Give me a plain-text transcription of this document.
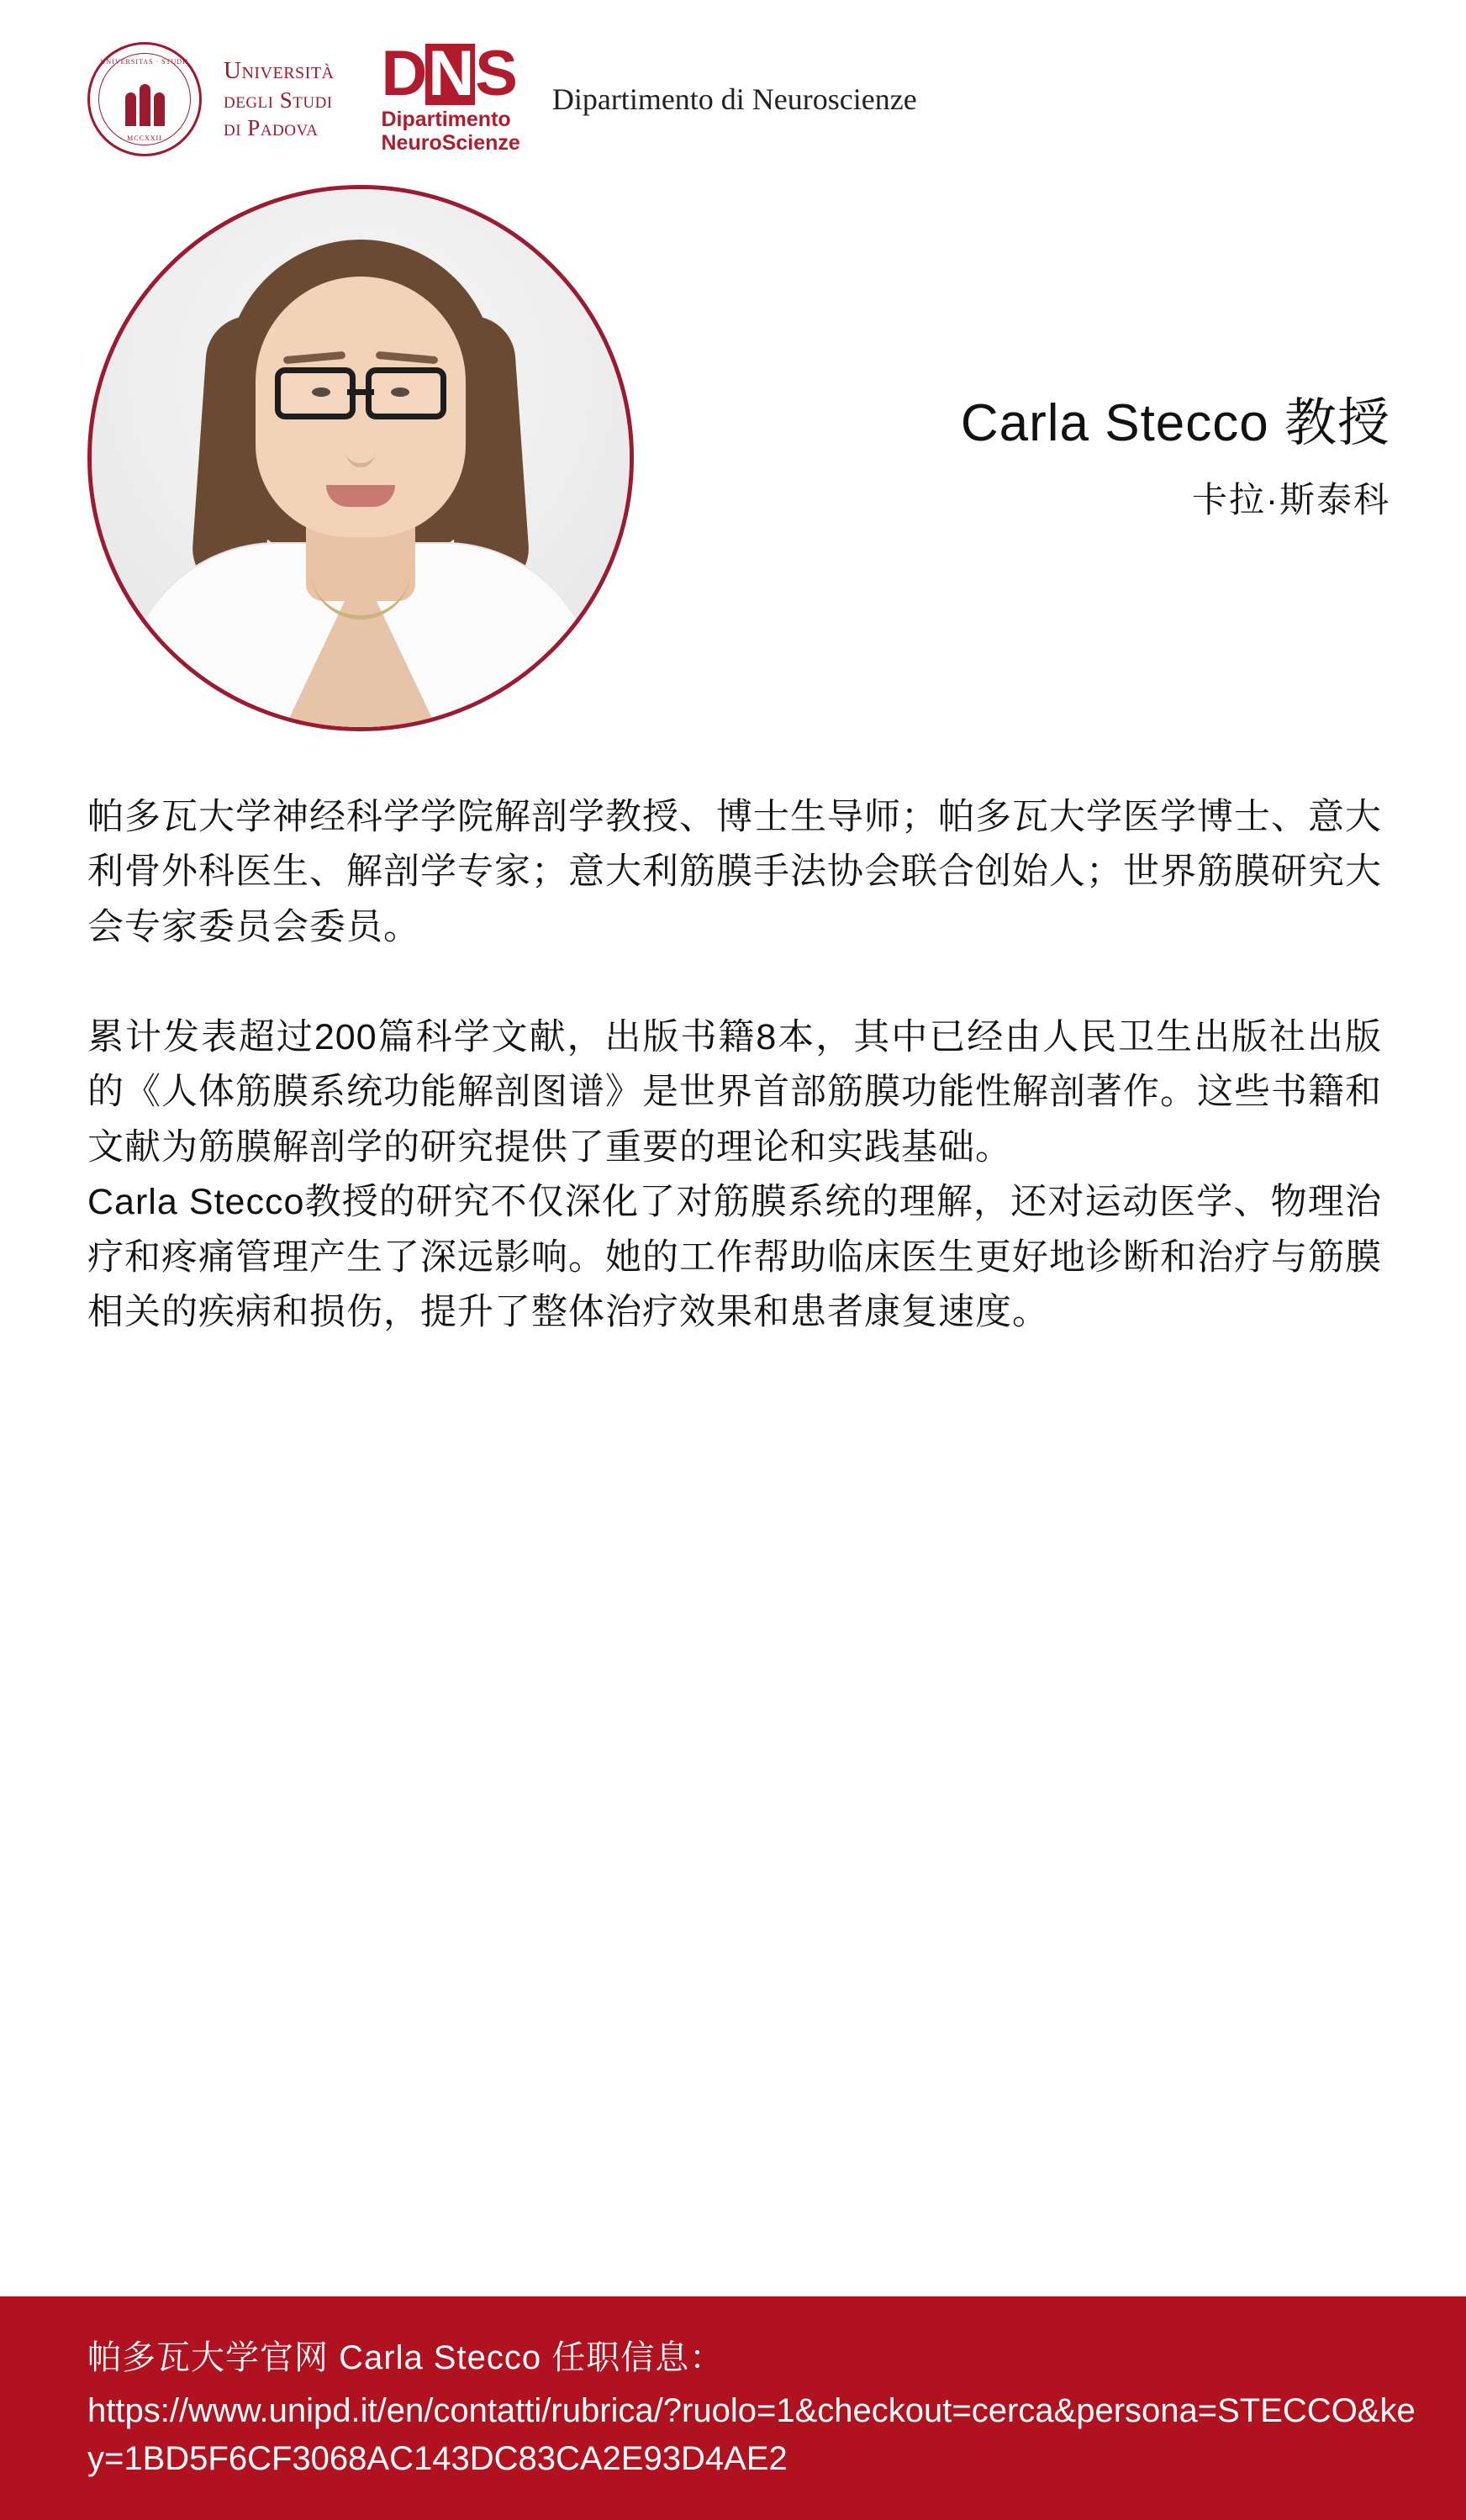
UNIVERSITAS · STUDII
MCCXXII
Università
degli Studi
di Padova
DNS
Dipartimento
NeuroScienze
Dipartimento di Neuroscienze
Carla Stecco 教授
卡拉·斯泰科

帕多瓦大学神经科学学院解剖学教授、博士生导师；帕多瓦大学医学博士、意大利骨外科医生、解剖学专家；意大利筋膜手法协会联合创始人；世界筋膜研究大会专家委员会委员。

累计发表超过200篇科学文献，出版书籍8本，其中已经由人民卫生出版社出版的《人体筋膜系统功能解剖图谱》是世界首部筋膜功能性解剖著作。这些书籍和文献为筋膜解剖学的研究提供了重要的理论和实践基础。

Carla Stecco教授的研究不仅深化了对筋膜系统的理解，还对运动医学、物理治疗和疼痛管理产生了深远影响。她的工作帮助临床医生更好地诊断和治疗与筋膜相关的疾病和损伤，提升了整体治疗效果和患者康复速度。

帕多瓦大学官网 Carla Stecco 任职信息：
https://www.unipd.it/en/contatti/rubrica/?ruolo=1&checkout=cerca&persona=STECCO&key=1BD5F6CF3068AC143DC83CA2E93D4AE2
